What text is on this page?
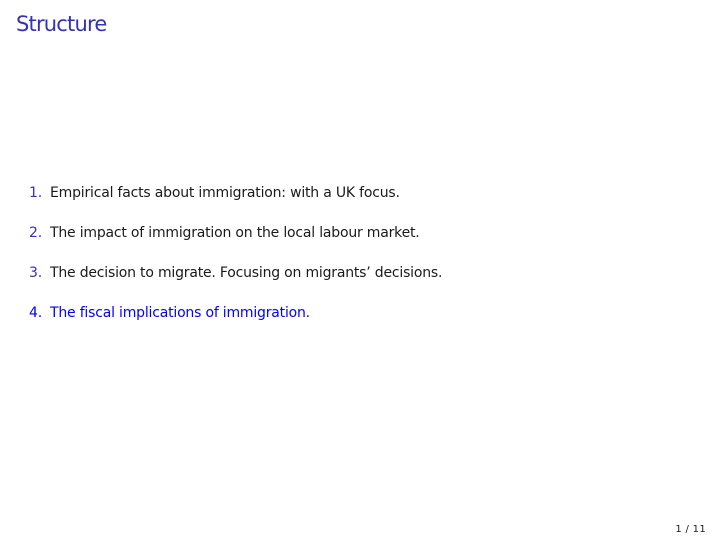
Structure
1. Empirical facts about immigration: with a UK focus.
2. The impact of immigration on the local labour market.
3. The decision to migrate. Focusing on migrants’ decisions.
4. The fiscal implications of immigration.
1 / 11
